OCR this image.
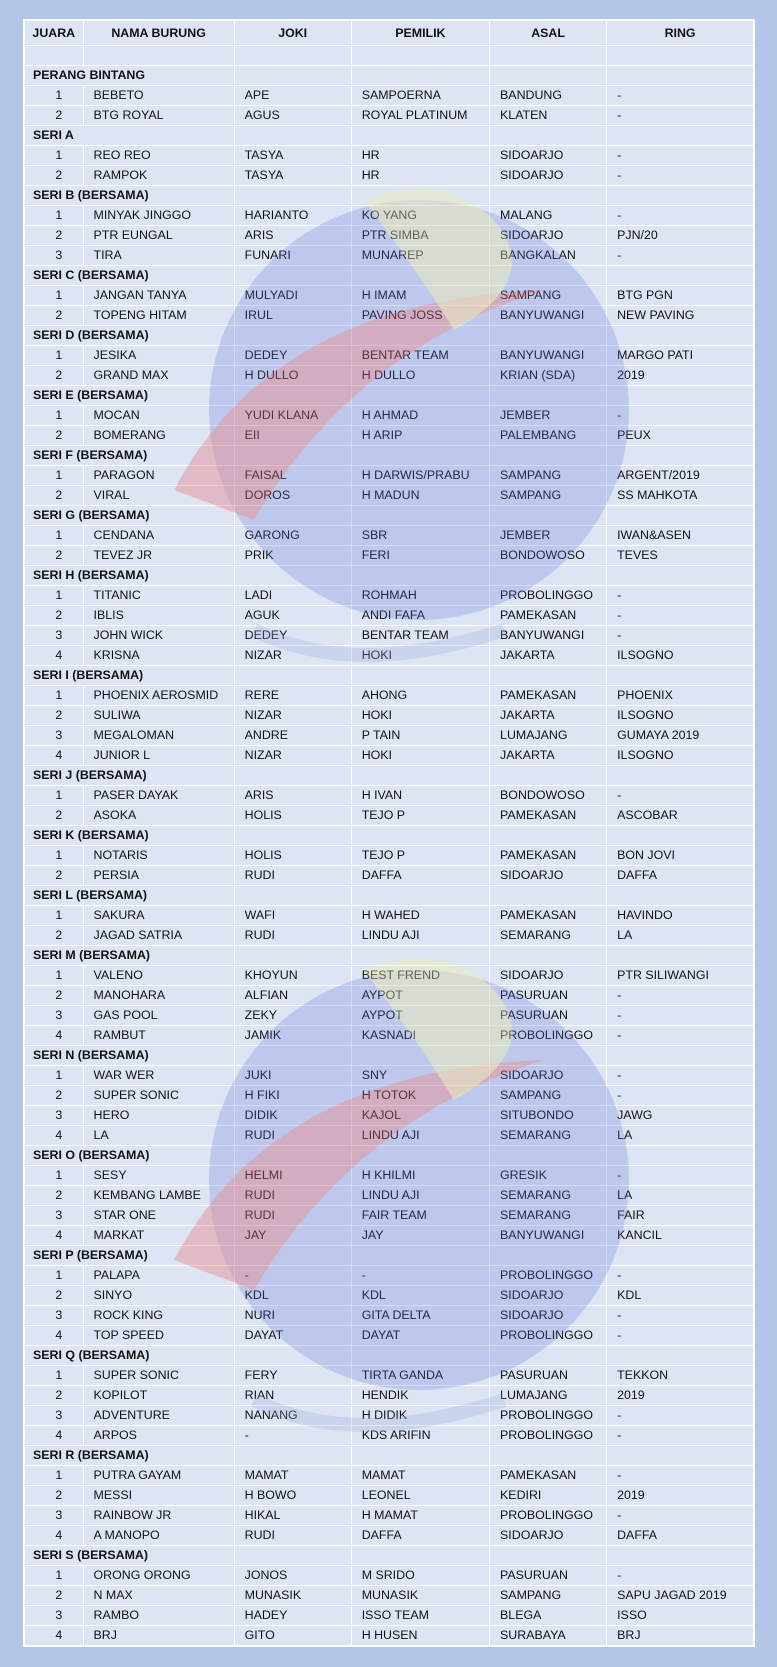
JUARA	NAMA BURUNG	JOKI	PEMILIK	ASAL	RING

PERANG BINTANG					
1	BEBETO	APE	SAMPOERNA	BANDUNG	-
2	BTG ROYAL	AGUS	ROYAL PLATINUM	KLATEN	-
SERI A					
1	REO REO	TASYA	HR	SIDOARJO	-
2	RAMPOK	TASYA	HR	SIDOARJO	-
SERI B (BERSAMA)					
1	MINYAK JINGGO	HARIANTO	KO YANG	MALANG	-
2	PTR EUNGAL	ARIS	PTR SIMBA	SIDOARJO	PJN/20
3	TIRA	FUNARI	MUNAREP	BANGKALAN	-
SERI C (BERSAMA)					
1	JANGAN TANYA	MULYADI	H IMAM	SAMPANG	BTG PGN
2	TOPENG HITAM	IRUL	PAVING JOSS	BANYUWANGI	NEW PAVING
SERI D (BERSAMA)					
1	JESIKA	DEDEY	BENTAR TEAM	BANYUWANGI	MARGO PATI
2	GRAND MAX	H DULLO	H DULLO	KRIAN (SDA)	2019
SERI E (BERSAMA)					
1	MOCAN	YUDI KLANA	H AHMAD	JEMBER	-
2	BOMERANG	EII	H ARIP	PALEMBANG	PEUX
SERI F (BERSAMA)					
1	PARAGON	FAISAL	H DARWIS/PRABU	SAMPANG	ARGENT/2019
2	VIRAL	DOROS	H MADUN	SAMPANG	SS MAHKOTA
SERI G (BERSAMA)					
1	CENDANA	GARONG	SBR	JEMBER	IWAN&ASEN
2	TEVEZ JR	PRIK	FERI	BONDOWOSO	TEVES
SERI H (BERSAMA)					
1	TITANIC	LADI	ROHMAH	PROBOLINGGO	-
2	IBLIS	AGUK	ANDI FAFA	PAMEKASAN	-
3	JOHN WICK	DEDEY	BENTAR TEAM	BANYUWANGI	-
4	KRISNA	NIZAR	HOKI	JAKARTA	ILSOGNO
SERI I (BERSAMA)					
1	PHOENIX AEROSMID	RERE	AHONG	PAMEKASAN	PHOENIX
2	SULIWA	NIZAR	HOKI	JAKARTA	ILSOGNO
3	MEGALOMAN	ANDRE	P TAIN	LUMAJANG	GUMAYA 2019
4	JUNIOR L	NIZAR	HOKI	JAKARTA	ILSOGNO
SERI J (BERSAMA)					
1	PASER DAYAK	ARIS	H IVAN	BONDOWOSO	-
2	ASOKA	HOLIS	TEJO P	PAMEKASAN	ASCOBAR
SERI K (BERSAMA)					
1	NOTARIS	HOLIS	TEJO P	PAMEKASAN	BON JOVI
2	PERSIA	RUDI	DAFFA	SIDOARJO	DAFFA
SERI L (BERSAMA)					
1	SAKURA	WAFI	H WAHED	PAMEKASAN	HAVINDO
2	JAGAD SATRIA	RUDI	LINDU AJI	SEMARANG	LA
SERI M (BERSAMA)					
1	VALENO	KHOYUN	BEST FREND	SIDOARJO	PTR SILIWANGI
2	MANOHARA	ALFIAN	AYPOT	PASURUAN	-
3	GAS POOL	ZEKY	AYPOT	PASURUAN	-
4	RAMBUT	JAMIK	KASNADI	PROBOLINGGO	-
SERI N (BERSAMA)					
1	WAR WER	JUKI	SNY	SIDOARJO	-
2	SUPER SONIC	H FIKI	H TOTOK	SAMPANG	-
3	HERO	DIDIK	KAJOL	SITUBONDO	JAWG
4	LA	RUDI	LINDU AJI	SEMARANG	LA
SERI O (BERSAMA)					
1	SESY	HELMI	H KHILMI	GRESIK	-
2	KEMBANG LAMBE	RUDI	LINDU AJI	SEMARANG	LA
3	STAR ONE	RUDI	FAIR TEAM	SEMARANG	FAIR
4	MARKAT	JAY	JAY	BANYUWANGI	KANCIL
SERI P (BERSAMA)					
1	PALAPA	-	-	PROBOLINGGO	-
2	SINYO	KDL	KDL	SIDOARJO	KDL
3	ROCK KING	NURI	GITA DELTA	SIDOARJO	-
4	TOP SPEED	DAYAT	DAYAT	PROBOLINGGO	-
SERI Q (BERSAMA)					
1	SUPER SONIC	FERY	TIRTA GANDA	PASURUAN	TEKKON
2	KOPILOT	RIAN	HENDIK	LUMAJANG	2019
3	ADVENTURE	NANANG	H DIDIK	PROBOLINGGO	-
4	ARPOS	-	KDS ARIFIN	PROBOLINGGO	-
SERI R (BERSAMA)					
1	PUTRA GAYAM	MAMAT	MAMAT	PAMEKASAN	-
2	MESSI	H BOWO	LEONEL	KEDIRI	2019
3	RAINBOW JR	HIKAL	H MAMAT	PROBOLINGGO	-
4	A MANOPO	RUDI	DAFFA	SIDOARJO	DAFFA
SERI S (BERSAMA)					
1	ORONG ORONG	JONOS	M SRIDO	PASURUAN	-
2	N MAX	MUNASIK	MUNASIK	SAMPANG	SAPU JAGAD 2019
3	RAMBO	HADEY	ISSO TEAM	BLEGA	ISSO
4	BRJ	GITO	H HUSEN	SURABAYA	BRJ
